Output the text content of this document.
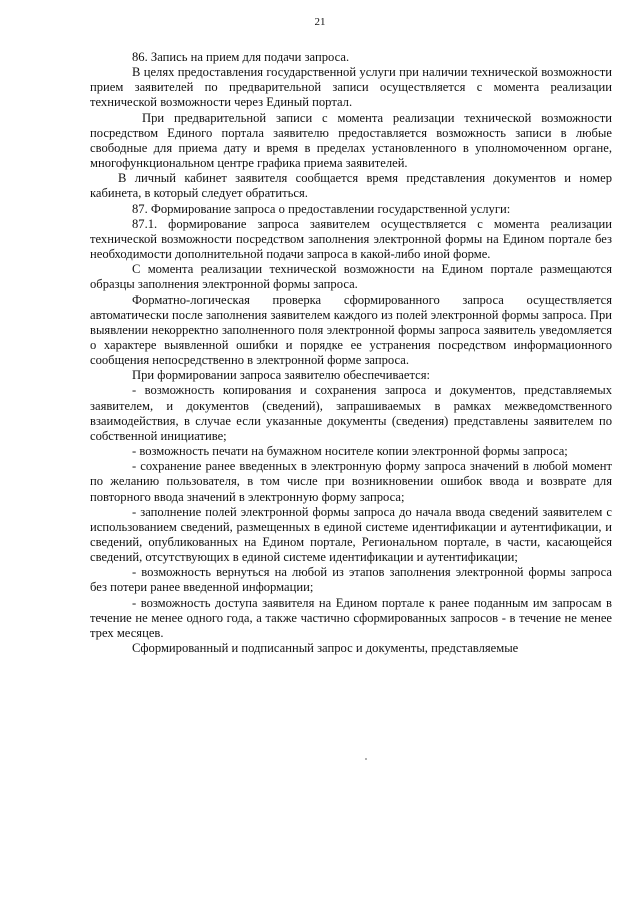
21

86. Запись на прием для подачи запроса.

В целях предоставления государственной услуги при наличии технической возможности прием заявителей по предварительной записи осуществляется с момента реализации технической возможности через Единый портал.

При предварительной записи с момента реализации технической возможности посредством Единого портала заявителю предоставляется возможность записи в любые свободные для приема дату и время в пределах установленного в уполномоченном органе, многофункциональном центре графика приема заявителей.

В личный кабинет заявителя сообщается время представления документов и номер кабинета, в который следует обратиться.

87. Формирование запроса о предоставлении государственной услуги:

87.1. формирование запроса заявителем осуществляется с момента реализации технической возможности посредством заполнения электронной формы на Едином портале без необходимости дополнительной подачи запроса в какой-либо иной форме.

С момента реализации технической возможности на Едином портале размещаются образцы заполнения электронной формы запроса.

Форматно-логическая проверка сформированного запроса осуществляется автоматически после заполнения заявителем каждого из полей электронной формы запроса. При выявлении некорректно заполненного поля электронной формы запроса заявитель уведомляется о характере выявленной ошибки и порядке ее устранения посредством информационного сообщения непосредственно в электронной форме запроса.

При формировании запроса заявителю обеспечивается:

- возможность копирования и сохранения запроса и документов, представляемых заявителем, и документов (сведений), запрашиваемых в рамках межведомственного взаимодействия, в случае если указанные документы (сведения) представлены заявителем по собственной инициативе;

- возможность печати на бумажном носителе копии электронной формы запроса;

- сохранение ранее введенных в электронную форму запроса значений в любой момент по желанию пользователя, в том числе при возникновении ошибок ввода и возврате для повторного ввода значений в электронную форму запроса;

- заполнение полей электронной формы запроса до начала ввода сведений заявителем с использованием сведений, размещенных в единой системе идентификации и аутентификации, и сведений, опубликованных на Едином портале, Региональном портале, в части, касающейся сведений, отсутствующих в единой системе идентификации и аутентификации;

- возможность вернуться на любой из этапов заполнения электронной формы запроса без потери ранее введенной информации;

- возможность доступа заявителя на Едином портале к ранее поданным им запросам в течение не менее одного года, а также частично сформированных запросов - в течение не менее трех месяцев.

Сформированный и подписанный запрос и документы, представляемые
